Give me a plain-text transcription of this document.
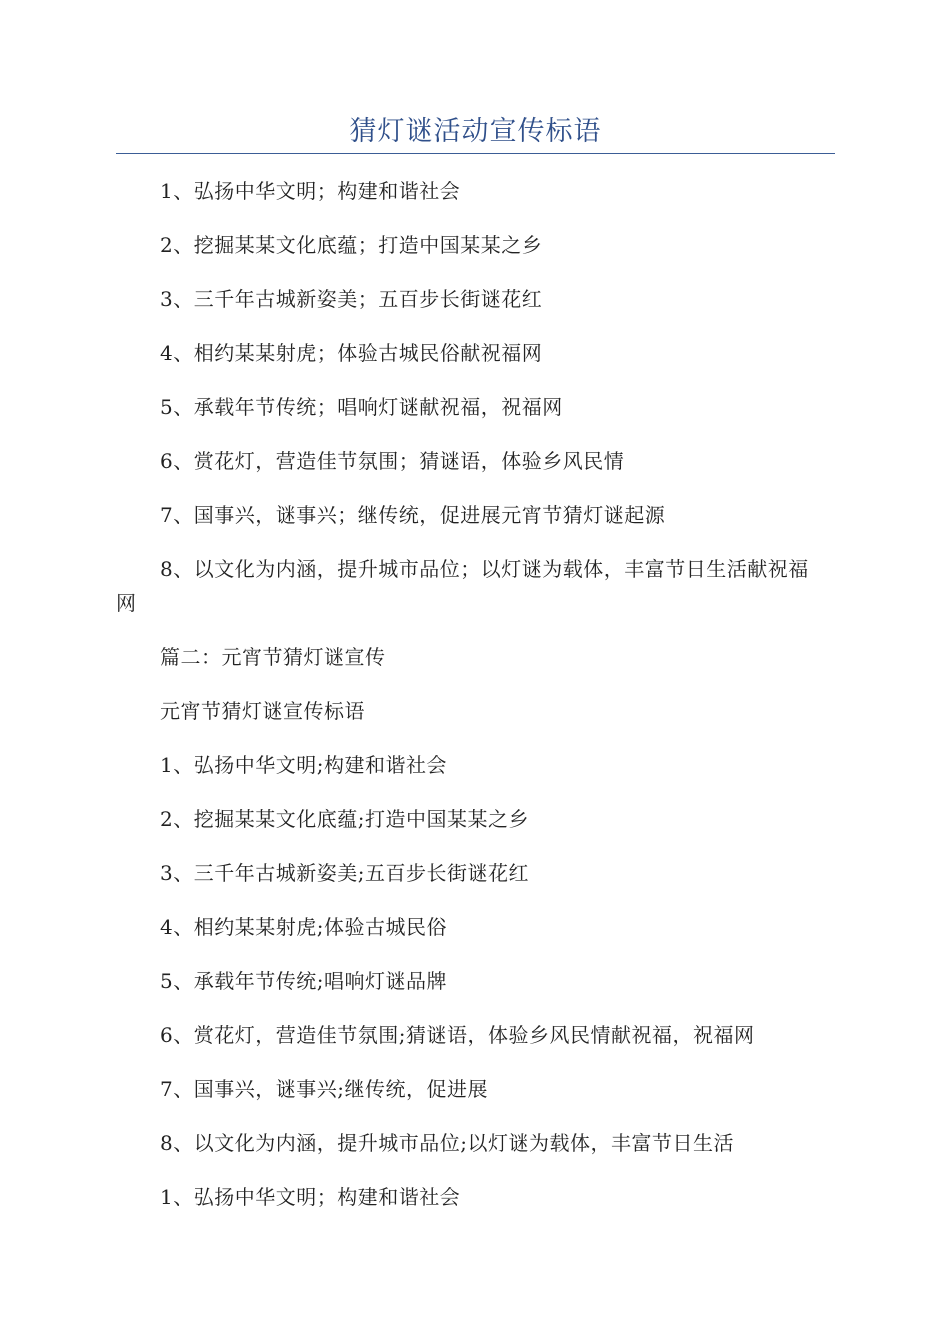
猜灯谜活动宣传标语

1、弘扬中华文明；构建和谐社会

2、挖掘某某文化底蕴；打造中国某某之乡

3、三千年古城新姿美；五百步长街谜花红

4、相约某某射虎；体验古城民俗献祝福网

5、承载年节传统；唱响灯谜献祝福，祝福网

6、赏花灯，营造佳节氛围；猜谜语，体验乡风民情

7、国事兴，谜事兴；继传统，促进展元宵节猜灯谜起源

8、以文化为内涵，提升城市品位；以灯谜为载体，丰富节日生活献祝福网

篇二：元宵节猜灯谜宣传

元宵节猜灯谜宣传标语

1、弘扬中华文明;构建和谐社会

2、挖掘某某文化底蕴;打造中国某某之乡

3、三千年古城新姿美;五百步长街谜花红

4、相约某某射虎;体验古城民俗

5、承载年节传统;唱响灯谜品牌

6、赏花灯，营造佳节氛围;猜谜语，体验乡风民情献祝福，祝福网

7、国事兴，谜事兴;继传统，促进展

8、以文化为内涵，提升城市品位;以灯谜为载体，丰富节日生活

1、弘扬中华文明；构建和谐社会
